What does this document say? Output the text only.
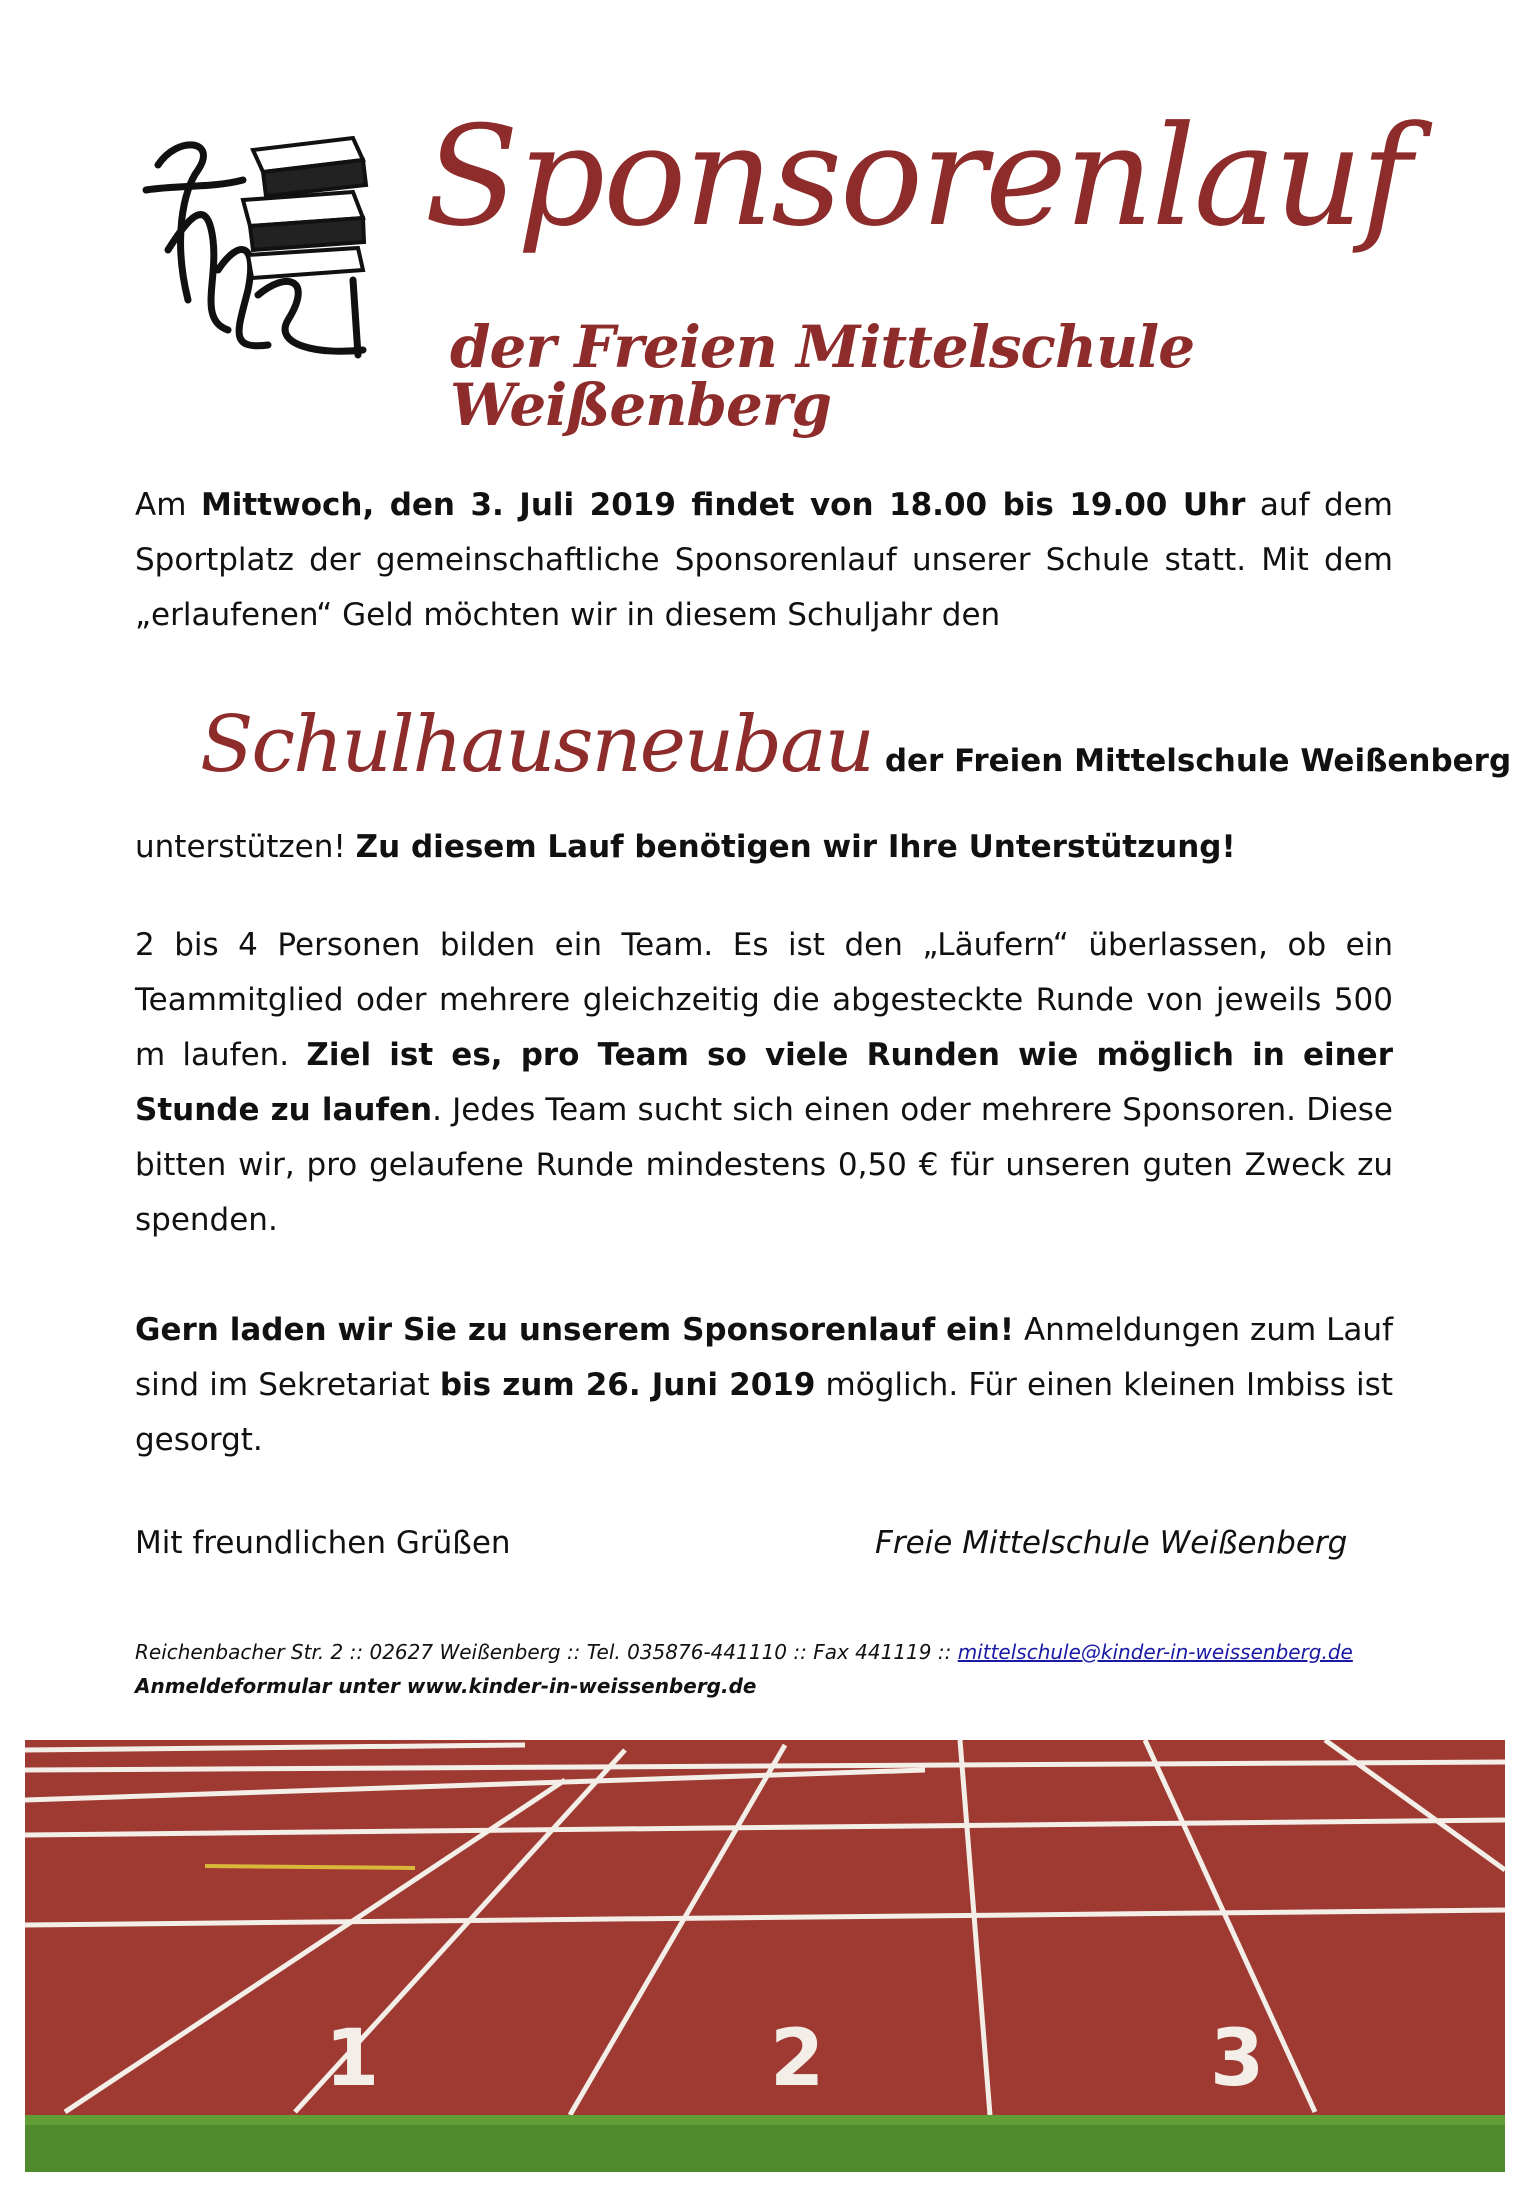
Sponsorenlauf
der Freien Mittelschule Weißenberg

Am Mittwoch, den 3. Juli 2019 findet von 18.00 bis 19.00 Uhr auf dem Sportplatz der gemeinschaftliche Sponsorenlauf unserer Schule statt. Mit dem „erlaufenen“ Geld möchten wir in diesem Schuljahr den

Schulhausneubau der Freien Mittelschule Weißenberg

unterstützen! Zu diesem Lauf benötigen wir Ihre Unterstützung!

2 bis 4 Personen bilden ein Team. Es ist den „Läufern“ überlassen, ob ein Teammitglied oder mehrere gleichzeitig die abgesteckte Runde von jeweils 500 m laufen. Ziel ist es, pro Team so viele Runden wie möglich in einer Stunde zu laufen. Jedes Team sucht sich einen oder mehrere Sponsoren. Diese bitten wir, pro gelaufene Runde mindestens 0,50 € für unseren guten Zweck zu spenden.

Gern laden wir Sie zu unserem Sponsorenlauf ein! Anmeldungen zum Lauf sind im Sekretariat bis zum 26. Juni 2019 möglich. Für einen kleinen Imbiss ist gesorgt.

Mit freundlichen Grüßen	Freie Mittelschule Weißenberg
Reichenbacher Str. 2 :: 02627 Weißenberg :: Tel. 035876-441110 :: Fax 441119 :: mittelschule@kinder-in-weissenberg.de
Anmeldeformular unter www.kinder-in-weissenberg.de
1	2	3
